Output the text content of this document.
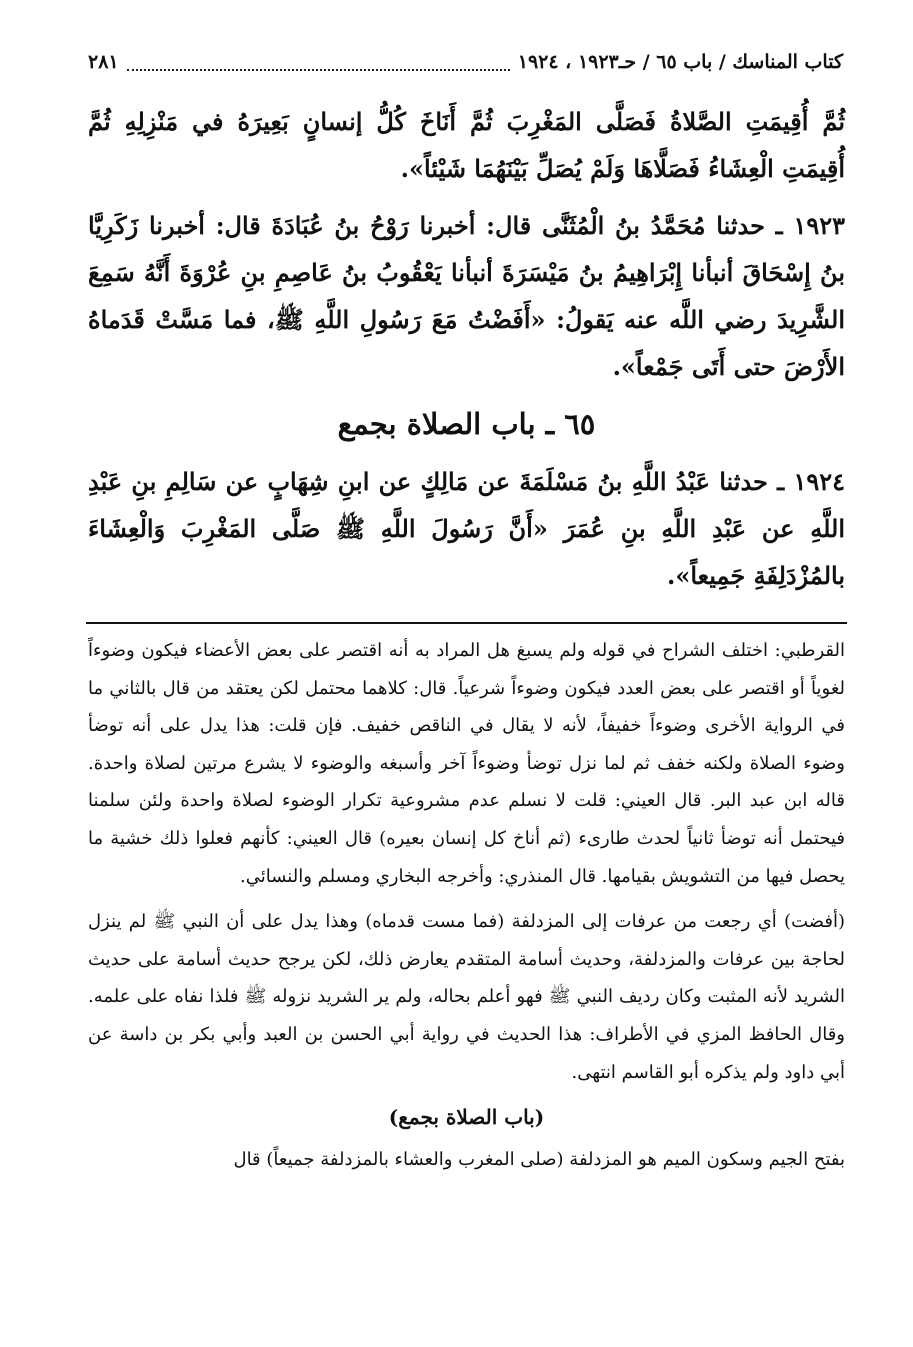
كتاب المناسك / باب ٦٥ / حـ١٩٢٣ ، ١٩٢٤
٢٨١

ثُمَّ أُقِيمَتِ الصَّلاةُ فَصَلَّى المَغْرِبَ ثُمَّ أَنَاخَ كُلُّ إنسانٍ بَعِيرَهُ في مَنْزِلِهِ ثُمَّ أُقِيمَتِ الْعِشَاءُ فَصَلَّاهَا وَلَمْ يُصَلِّ بَيْنَهُمَا شَيْئاً».

١٩٢٣ ـ حدثنا مُحَمَّدُ بنُ الْمُثَنَّى قال: أخبرنا رَوْحُ بنُ عُبَادَةَ قال: أخبرنا زَكَرِيَّا بنُ إِسْحَاقَ أنبأنا إِبْرَاهِيمُ بنُ مَيْسَرَةَ أنبأنا يَعْقُوبُ بنُ عَاصِمِ بنِ عُرْوَةَ أَنَّهُ سَمِعَ الشَّرِيدَ رضي اللَّه عنه يَقولُ: «أَفَضْتُ مَعَ رَسُولِ اللَّهِ ﷺ، فما مَسَّتْ قَدَماهُ الأَرْضَ حتى أَتَى جَمْعاً».

٦٥ ـ باب الصلاة بجمع

١٩٢٤ ـ حدثنا عَبْدُ اللَّهِ بنُ مَسْلَمَةَ عن مَالِكٍ عن ابنِ شِهَابٍ عن سَالِمِ بنِ عَبْدِ اللَّهِ عن عَبْدِ اللَّهِ بنِ عُمَرَ «أَنَّ رَسُولَ اللَّهِ ﷺ صَلَّى المَغْرِبَ وَالْعِشَاءَ بالمُزْدَلِفَةِ جَمِيعاً».

القرطبي: اختلف الشراح في قوله ولم يسبغ هل المراد به أنه اقتصر على بعض الأعضاء فيكون وضوءاً لغوياً أو اقتصر على بعض العدد فيكون وضوءاً شرعياً. قال: كلاهما محتمل لكن يعتقد من قال بالثاني ما في الرواية الأخرى وضوءاً خفيفاً، لأنه لا يقال في الناقص خفيف. فإن قلت: هذا يدل على أنه توضأ وضوء الصلاة ولكنه خفف ثم لما نزل توضأ وضوءاً آخر وأسبغه والوضوء لا يشرع مرتين لصلاة واحدة. قاله ابن عبد البر. قال العيني: قلت لا نسلم عدم مشروعية تكرار الوضوء لصلاة واحدة ولئن سلمنا فيحتمل أنه توضأ ثانياً لحدث طارىء (ثم أناخ كل إنسان بعيره) قال العيني: كأنهم فعلوا ذلك خشية ما يحصل فيها من التشويش بقيامها. قال المنذري: وأخرجه البخاري ومسلم والنسائي.

(أفضت) أي رجعت من عرفات إلى المزدلفة (فما مست قدماه) وهذا يدل على أن النبي ﷺ لم ينزل لحاجة بين عرفات والمزدلفة، وحديث أسامة المتقدم يعارض ذلك، لكن يرجح حديث أسامة على حديث الشريد لأنه المثبت وكان رديف النبي ﷺ فهو أعلم بحاله، ولم ير الشريد نزوله ﷺ فلذا نفاه على علمه. وقال الحافظ المزي في الأطراف: هذا الحديث في رواية أبي الحسن بن العبد وأبي بكر بن داسة عن أبي داود ولم يذكره أبو القاسم انتهى.

(باب الصلاة بجمع)

بفتح الجيم وسكون الميم هو المزدلفة (صلى المغرب والعشاء بالمزدلفة جميعاً) قال
